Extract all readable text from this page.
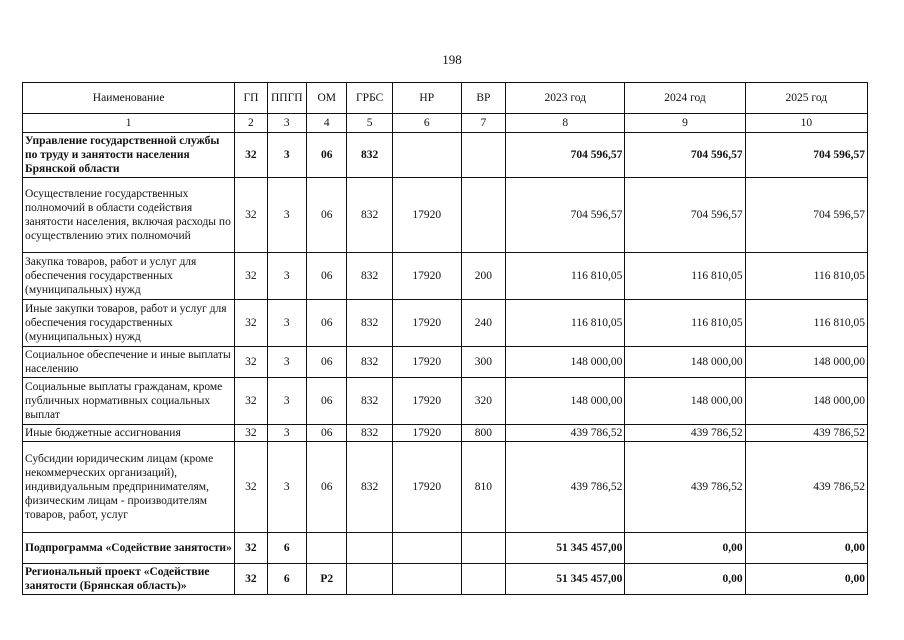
198
Наименование	ГП	ППГП	ОМ	ГРБС	НР	ВР	2023 год	2024 год	2025 год
1	2	3	4	5	6	7	8	9	10
Управление государственной службы по труду и занятости населения Брянской области	32	3	06	832			704 596,57	704 596,57	704 596,57
Осуществление государственных полномочий в области содействия занятости населения, включая расходы по осуществлению этих полномочий	32	3	06	832	17920		704 596,57	704 596,57	704 596,57
Закупка товаров, работ и услуг для обеспечения государственных (муниципальных) нужд	32	3	06	832	17920	200	116 810,05	116 810,05	116 810,05
Иные закупки товаров, работ и услуг для обеспечения государственных (муниципальных) нужд	32	3	06	832	17920	240	116 810,05	116 810,05	116 810,05
Социальное обеспечение и иные выплаты населению	32	3	06	832	17920	300	148 000,00	148 000,00	148 000,00
Социальные выплаты гражданам, кроме публичных нормативных социальных выплат	32	3	06	832	17920	320	148 000,00	148 000,00	148 000,00
Иные бюджетные ассигнования	32	3	06	832	17920	800	439 786,52	439 786,52	439 786,52
Субсидии юридическим лицам (кроме некоммерческих организаций), индивидуальным предпринимателям, физическим лицам - производителям товаров, работ, услуг	32	3	06	832	17920	810	439 786,52	439 786,52	439 786,52
Подпрограмма «Содействие занятости»	32	6					51 345 457,00	0,00	0,00
Региональный проект «Содействие занятости (Брянская область)»	32	6	P2				51 345 457,00	0,00	0,00
